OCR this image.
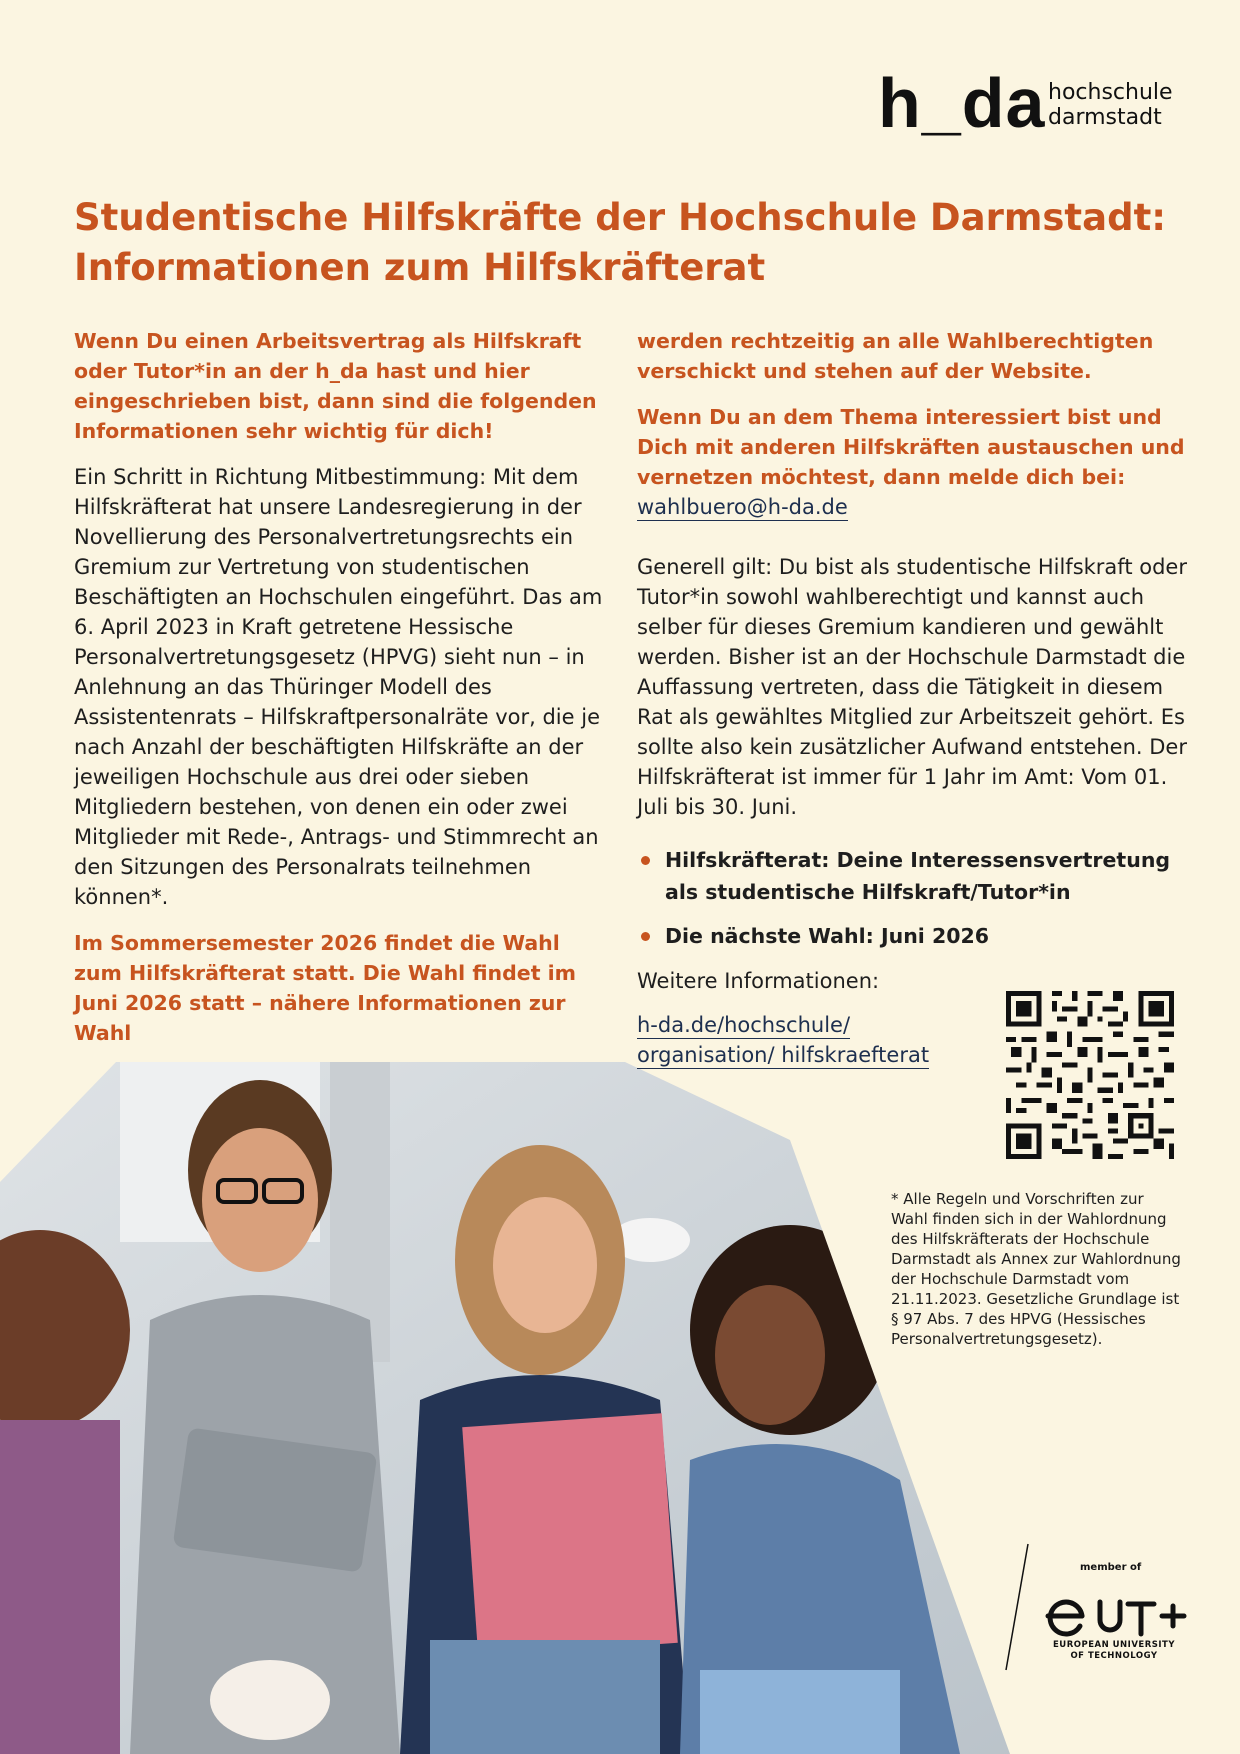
h_da hochschule
darmstadt
Studentische Hilfskräfte der Hochschule Darmstadt:
Informationen zum Hilfskräfterat

Wenn Du einen Arbeitsvertrag als Hilfskraft oder Tutor*in an der h_da hast und hier eingeschrieben bist, dann sind die folgenden Informationen sehr wichtig für dich!

Ein Schritt in Richtung Mitbestimmung: Mit dem Hilfskräfterat hat unsere Landesregierung in der Novellierung des Personalvertretungsrechts ein Gremium zur Vertretung von studentischen Beschäftigten an Hochschulen eingeführt. Das am 6. April 2023 in Kraft getretene Hessische Personalvertretungsgesetz (HPVG) sieht nun – in Anlehnung an das Thüringer Modell des Assistentenrats – Hilfskraftpersonalräte vor, die je nach Anzahl der beschäftigten Hilfskräfte an der jeweiligen Hochschule aus drei oder sieben Mitgliedern bestehen, von denen ein oder zwei Mitglieder mit Rede-, Antrags- und Stimmrecht an den Sitzungen des Personalrats teilnehmen können*.

Im Sommersemester 2026 findet die Wahl zum Hilfskräfterat statt. Die Wahl findet im Juni 2026 statt – nähere Informationen zur Wahl

werden rechtzeitig an alle Wahlberechtigten verschickt und stehen auf der Website.

Wenn Du an dem Thema interessiert bist und Dich mit anderen Hilfskräften austauschen und vernetzen möchtest, dann melde dich bei:

wahlbuero@h-da.de

Generell gilt: Du bist als studentische Hilfskraft oder Tutor*in sowohl wahlberechtigt und kannst auch selber für dieses Gremium kandieren und gewählt werden. Bisher ist an der Hochschule Darmstadt die Auffassung vertreten, dass die Tätigkeit in diesem Rat als gewähltes Mitglied zur Arbeitszeit gehört. Es sollte also kein zusätzlicher Aufwand entstehen. Der Hilfskräfterat ist immer für 1 Jahr im Amt: Vom 01. Juli bis 30. Juni.

Hilfskräfterat: Deine Interessensvertretung als studentische Hilfskraft/Tutor*in
Die nächste Wahl: Juni 2026

Weitere Informationen:

h-da.de/hochschule/
organisation/ hilfskraefterat

* Alle Regeln und Vorschriften zur Wahl finden sich in der Wahlordnung des Hilfskräfterats der Hochschule Darmstadt als Annex zur Wahlordnung der Hochschule Darmstadt vom 21.11.2023. Gesetzliche Grundlage ist § 97 Abs. 7 des HPVG (Hessisches Personalvertretungsgesetz).
member of
EUROPEAN UNIVERSITY OF TECHNOLOGY
